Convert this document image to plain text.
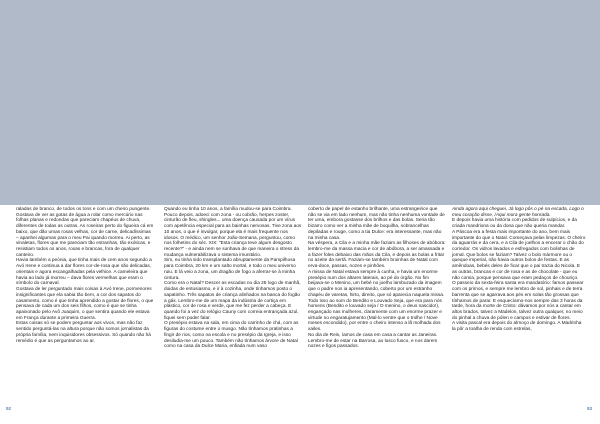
raladas de branco, de todos os tons e com um cheiro pungente. Gostava de ver as gotas de água a rolar como mercúrio nas folhas planas e redondas que pareciam chapéus de chuva, diferentes de todas as outras. As roseiras perto do figueira cá em baixo, que dão umas rosas velhas, cor de carne, delicadíssimas – apanhei algumas para o meu Pai quando morreu. Ai perto, as vinaletas, flores que me pareciam tão estranhas, tão exóticas, e resistiam todos os anos, roxas e brancas, fora de qualquer canteiro.

Havia também a peónia, que tinha mais de cem anos segundo a Avó Irene e continua a dar flores cor-de-rosa que são delicadas, orientais e agora escangalhadas pela velhice. A cameleira que havia ao lado já morreu – dava flores vermelhas que eram o símbolo do carnaval.

Gostava de ler perguntado mais coisas à Avó Irene, pormenores insignificantes que ela sabia tão bem, a cor dos sapatos do casamento, como é que tinha aprendido a gostar de flores, o que pensava de cada um dos seis filhos, como é que se tinha apaixonado pelo Avô Joaquim, o que sentira quando ele estava em França durante a primeira Guerra.

Estas coisas só se podem perguntar aos vivos, mas não faz sentido perguntá-las na altura porque não somos jornalistas da própria família, nem inquisidores obsessivos. Só quando não há remédio é que as perguntamos ao ar.

Quando eu tinha 10 anos, a família mudou-se para Coimbra. Pouco depois, adoeci com zona - ou cobrão, herpes zoster, cinturão de fleu, shingles... uma doença causada por um vírus com apetência especial para as bainhas nervosas. Tive zona aos 10 anos, o que é invulgar, porque ela é mais frequente nos idosos. O médico, um senhor João-Semana, perguntou, como nos folhetins do séc. XIX: "Esta criança teve algum desgosto recente?" - e ainda nem se sonhava de que maneira o stress da mudança vulnerabilizava o sistema imunitário.

Sim, eu tinha sido transplantado abruptamente da Pampilhosa para Coimbra, 20 km e um salto mortal, e todo o meu universo ruiu. E lá veio a zona, um dragão de fogo a aferrar-se à minha cintura.

Como era o Natal? Descer as escadas no dia 25 logo de manhã, doidas de entusiasmo, e ir à cozinha, onde tínhamos posto o sapatinho. Três sapatos de criança alinhados na banca do fogão a gás. Lembro-me de um mapa da indústria de cortiça em plástico, cor de rosa e verde, que me fez perder a cabeça. E quando foi a vez do relógio Cauny com correia entrançada azul, fiquei sem poder falar.

O presépio estava na sala, em cima do carrinho de chá, com as figuras do costume entre o musgo. Não tínhamos pratinhas a fingir de rios, como na escola e no presépio da Igreja, e isso desiludia-me um pouco. Também não tínhamos árvore de Natal como na casa da Dulce Maria, enfiada num vaso

coberto de papel de estanho brilhante, uma estrangeirice que não se via em lado nenhum, mas não tinha nenhuma vontade de ter uma, embora gostasse dos brilhos e das bolas. Seria tão bizarro como ver a minha mãe de boquilha, sobrancelhas depiladas e rouge, como a tia Dulce: era interessante, mas não na minha casa.

Na véspera, a Cila e a minha mãe faziam as filhoses de abóbora: lembro-me da massa macia e cor de abóbora, a ser amassada e a fazer foles debaixo das mãos da Cila, e depois as bolas a fritar no azeite da sertã. Faziam-se também broinhas de Natal com erva-doce, passas, nozes e pinhões.

A missa de Natal estava sempre à cunha, e havia um enorme presépio num dos altares laterais, ao pé do órgão. No fim beijava-se o Menino, um bebé no joelho lambuzado da imagem que o padre nos ia apresentando, coberto por um estranho chapéu de varetas, hirto, direito, que só aparecia naquela missa. Todo isso ao som do Bendito e Louvado Seja, que era para nós homens (Bendito e louvado seja / O menino, o deus nascido!), engançado nas mulheres, claramente com um enorme prazer e virtude no engaratujamento (Mal-lo ventre que o trolhe / Nove meses escondido), por entre o cheiro intenso a lã molhada dos xailes.

No dia de Reis, íamos de casa em casa a cantar as Janeiras. Lembro-me de estar na Barrosa, ao lusco fusco, e nos darem nozes e figos passados.

Ainda agora aqui cheguei, Já logo pôs o pé na escada, Logo o meu coração disse, /Aqui mora gente honrada.

E depois havia uma história com pedidos de sulpícios, e da criada mandriona ou da dona que não queria mandar.

A Páscoa era a festa mais importante do ano, bem mais importante do que o Natal. Começava pelas limpezas. O cheiro da aguarrás e da cera, e a Cila de joelhos a encerar o chão do corredor. Os vidros lavados e esfregados com bolinhas de jornal. Que bolos se faziam? Talvez o bolo mármore ou o queque imperial, não havia outros bolos de festas. E as amêndoas, bebés deles de ficar que o pai trazia do Nicola. E as outras, brancas e cor de rosa e as de chocolate - que eu não comia, porque pensava que eram pedaços de chouriço.

O passeio da sexta-feira santa era mandatório: famos passear com os primos, e sempre me lembro de sol, pinhais e de terra barrenta que se agarrava aos pés em solas tão grossas que tínhamos de parar. E esquecíamo-nos sempre das 3 horas da tarde, hora da morte de Cristo: dávamos por nós a cantar em altos brados, talvez a Madelon, talvez outra qualquer, no meio do pinhal a chuva de pólen e campos e estivar de flores.

A visita pascal era depois do almoço de domingo. A Madrinha la pôr a toalha de renda com estrelas,

92	93
